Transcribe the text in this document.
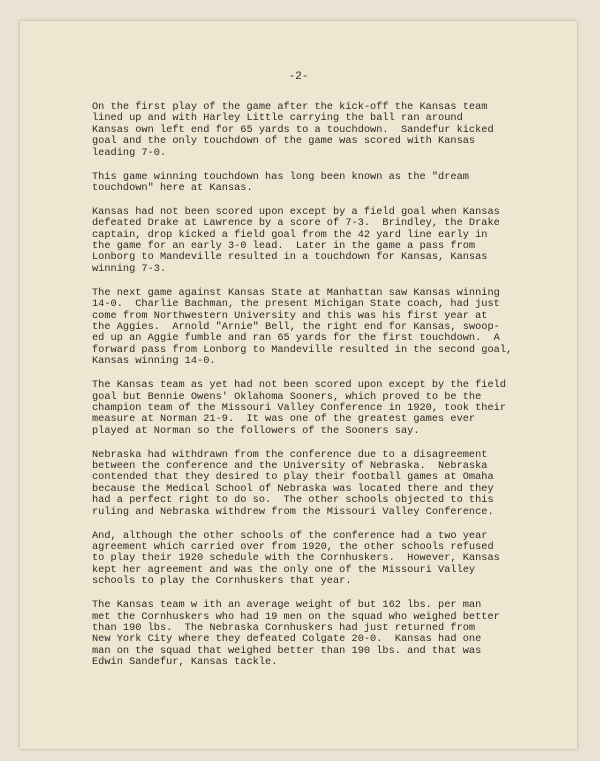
-2-

On the first play of the game after the kick-off the Kansas team
lined up and with Harley Little carrying the ball ran around
Kansas own left end for 65 yards to a touchdown.  Sandefur kicked
goal and the only touchdown of the game was scored with Kansas
leading 7-0.

This game winning touchdown has long been known as the "dream
touchdown" here at Kansas.

Kansas had not been scored upon except by a field goal when Kansas
defeated Drake at Lawrence by a score of 7-3.  Brindley, the Drake
captain, drop kicked a field goal from the 42 yard line early in
the game for an early 3-0 lead.  Later in the game a pass from
Lonborg to Mandeville resulted in a touchdown for Kansas, Kansas
winning 7-3.

The next game against Kansas State at Manhattan saw Kansas winning
14-0.  Charlie Bachman, the present Michigan State coach, had just
come from Northwestern University and this was his first year at
the Aggies.  Arnold "Arnie" Bell, the right end for Kansas, swoop-
ed up an Aggie fumble and ran 65 yards for the first touchdown.  A
forward pass from Lonborg to Mandeville resulted in the second goal,
Kansas winning 14-0.

The Kansas team as yet had not been scored upon except by the field
goal but Bennie Owens' Oklahoma Sooners, which proved to be the
champion team of the Missouri Valley Conference in 1920, took their
measure at Norman 21-9.  It was one of the greatest games ever
played at Norman so the followers of the Sooners say.

Nebraska had withdrawn from the conference due to a disagreement
between the conference and the University of Nebraska.  Nebraska
contended that they desired to play their football games at Omaha
because the Medical School of Nebraska was located there and they
had a perfect right to do so.  The other schools objected to this
ruling and Nebraska withdrew from the Missouri Valley Conference.

And, although the other schools of the conference had a two year
agreement which carried over from 1920, the other schools refused
to play their 1920 schedule with the Cornhuskers.  However, Kansas
kept her agreement and was the only one of the Missouri Valley
schools to play the Cornhuskers that year.

The Kansas team w ith an average weight of but 162 lbs. per man
met the Cornhuskers who had 19 men on the squad who weighed better
than 190 lbs.  The Nebraska Cornhuskers had just returned from
New York City where they defeated Colgate 20-0.  Kansas had one
man on the squad that weighed better than 190 lbs. and that was
Edwin Sandefur, Kansas tackle.
